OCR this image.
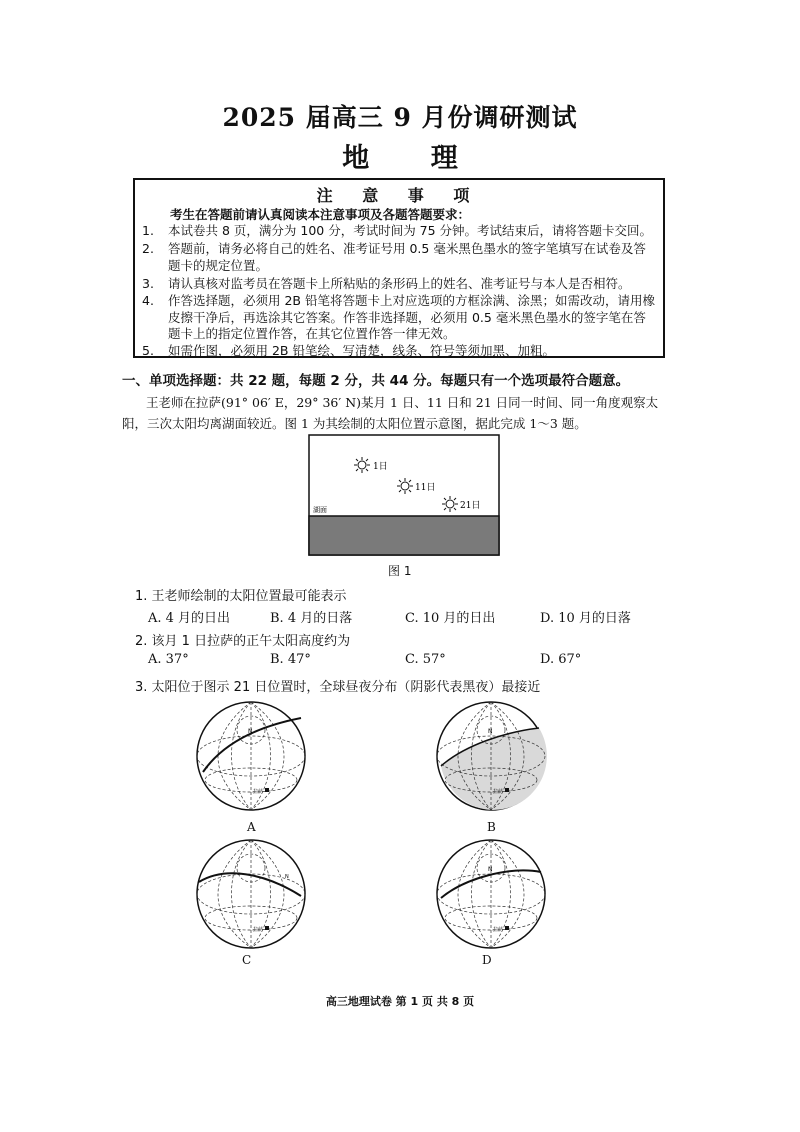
2025 届高三 9 月份调研测试
地 理
注 意 事 项
考生在答题前请认真阅读本注意事项及各题答题要求：
1. 本试卷共 8 页，满分为 100 分，考试时间为 75 分钟。考试结束后，请将答题卡交回。
2. 答题前，请务必将自己的姓名、准考证号用 0.5 毫米黑色墨水的签字笔填写在试卷及答题卡的规定位置。
3. 请认真核对监考员在答题卡上所粘贴的条形码上的姓名、准考证号与本人是否相符。
4. 作答选择题，必须用 2B 铅笔将答题卡上对应选项的方框涂满、涂黑；如需改动，请用橡皮擦干净后，再选涂其它答案。作答非选择题，必须用 0.5 毫米黑色墨水的签字笔在答题卡上的指定位置作答，在其它位置作答一律无效。
5. 如需作图，必须用 2B 铅笔绘、写清楚，线条、符号等须加黑、加粗。
一、单项选择题：共 22 题，每题 2 分，共 44 分。每题只有一个选项最符合题意。
王老师在拉萨(91° 06′ E，29° 36′ N)某月 1 日、11 日和 21 日同一时间、同一角度观察太阳，三次太阳均离湖面较近。图 1 为其绘制的太阳位置示意图，据此完成 1～3 题。
1日
11日
21日
湖面
图 1
1. 王老师绘制的太阳位置最可能表示
A. 4 月的日出	B. 4 月的日落	C. 10 月的日出	D. 10 月的日落
2. 该月 1 日拉萨的正午太阳高度约为
A. 37°	B. 47°	C. 57°	D. 67°
3. 太阳位于图示 21 日位置时，全球昼夜分布（阴影代表黑夜）最接近
N
拉萨
A
N
拉萨
B
N
拉萨
C
N
拉萨
D
高三地理试卷 第 1 页 共 8 页
